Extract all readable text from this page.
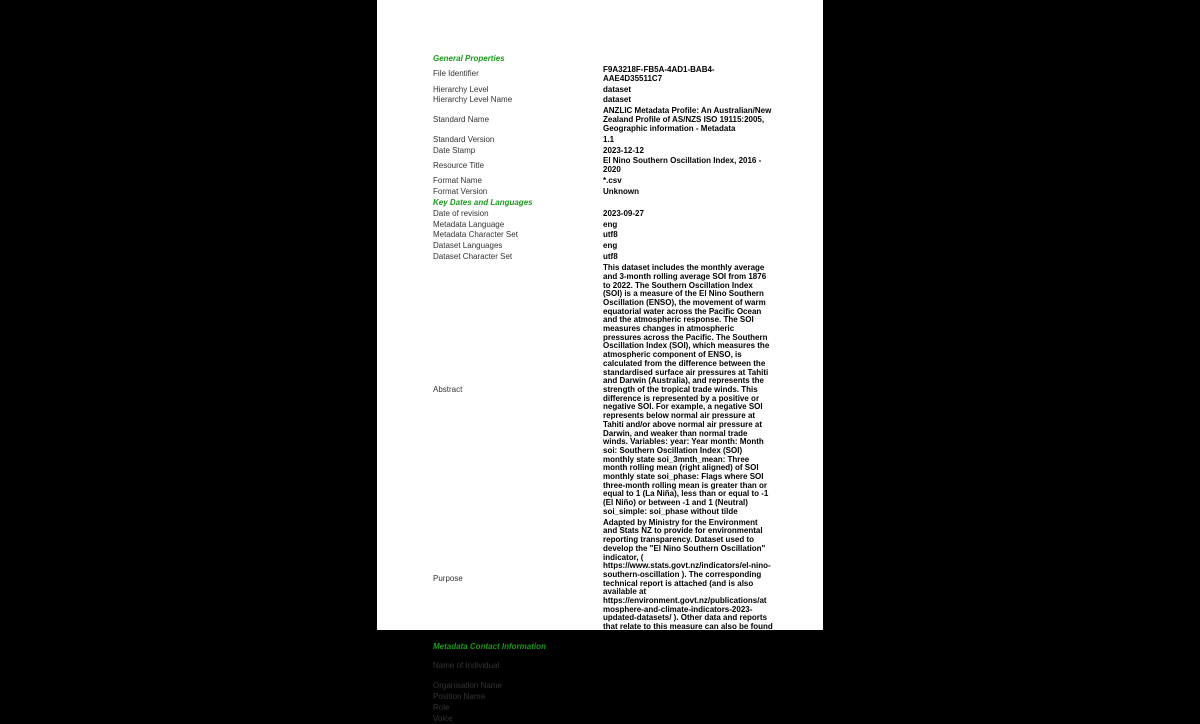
General Properties	
File Identifier	F9A3218F-FB5A-4AD1-BAB4-AAE4D35511C7
Hierarchy Level	dataset
Hierarchy Level Name	dataset
Standard Name	ANZLIC Metadata Profile: An Australian/New Zealand Profile of AS/NZS ISO 19115:2005, Geographic information - Metadata
Standard Version	1.1
Date Stamp	2023-12-12
Resource Title	El Nino Southern Oscillation Index, 2016 - 2020
Format Name	*.csv
Format Version	Unknown
Key Dates and Languages	
Date of revision	2023-09-27
Metadata Language	eng
Metadata Character Set	utf8
Dataset Languages	eng
Dataset Character Set	utf8
Abstract	This dataset includes the monthly average and 3-month rolling average SOI from 1876 to 2022. The Southern Oscillation Index (SOI) is a measure of the El Nino Southern Oscillation (ENSO), the movement of warm equatorial water across the Pacific Ocean and the atmospheric response. The SOI measures changes in atmospheric pressures across the Pacific. The Southern Oscillation Index (SOI), which measures the atmospheric component of ENSO, is calculated from the difference between the standardised surface air pressures at Tahiti and Darwin (Australia), and represents the strength of the tropical trade winds. This difference is represented by a positive or negative SOI. For example, a negative SOI represents below normal air pressure at Tahiti and/or above normal air pressure at Darwin, and weaker than normal trade winds. Variables: year: Year month: Month soi: Southern Oscillation Index (SOI) monthly state soi_3mnth_mean: Three month rolling mean (right aligned) of SOI monthly state soi_phase: Flags where SOI three-month rolling mean is greater than or equal to 1 (La Niña), less than or equal to -1 (El Niño) or between -1 and 1 (Neutral) soi_simple: soi_phase without tilde
Purpose	Adapted by Ministry for the Environment and Stats NZ to provide for environmental reporting transparency. Dataset used to develop the "El Nino Southern Oscillation" indicator, ( https://www.stats.govt.nz/indicators/el-nino-southern-oscillation ). The corresponding technical report is attached (and is also available at https://environment.govt.nz/publications/atmosphere-and-climate-indicators-2023-updated-datasets/ ). Other data and reports that relate to this measure can also be found in the indicator.
Metadata Contact Information	
Name of Individual	New Zealand's Environmental Reporting Series: The Ministry for the Environment and Stats NZ
Organisation Name	
Position Name	
Role	pointOfContact
Voice	
